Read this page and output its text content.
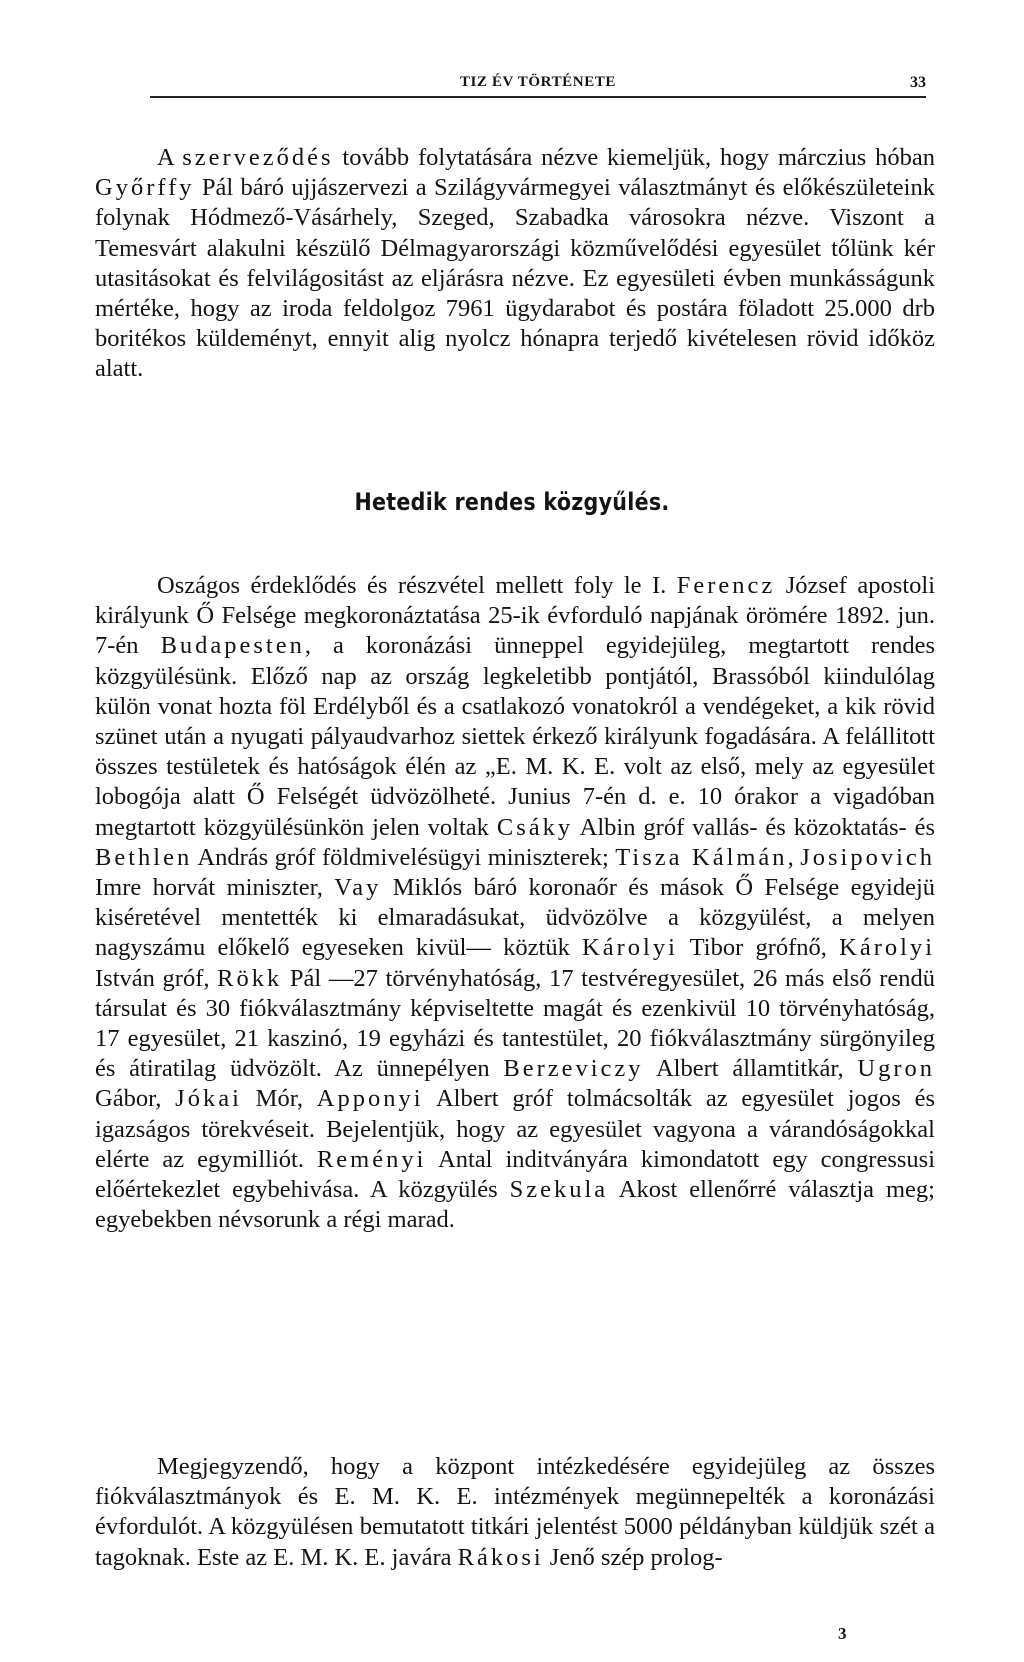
TIZ ÉV TÖRTÉNETE	33

A szerveződés tovább folytatására nézve kiemeljük, hogy márczius hóban Győrffy Pál báró ujjászervezi a Szilágyvármegyei választmányt és előkészületeink folynak Hódmező-Vásárhely, Szeged, Szabadka városokra nézve. Viszont a Temesvárt alakulni készülő Délmagyarországi közművelődési egyesület tőlünk kér utasitásokat és felvilágositást az eljárásra nézve. Ez egyesületi évben munkásságunk mértéke, hogy az iroda feldolgoz 7961 ügydarabot és postára föladott 25.000 drb boritékos küldeményt, ennyit alig nyolcz hónapra terjedő kivételesen rövid időköz alatt.

Hetedik rendes közgyűlés.

Oszágos érdeklődés és részvétel mellett foly le I. Ferencz József apostoli királyunk Ő Felsége megkoronáztatása 25-ik évforduló napjának örömére 1892. jun. 7-én Budapesten, a koronázási ünneppel egyidejüleg, megtartott rendes közgyülésünk. Előző nap az ország legkeletibb pontjától, Brassóból kiindulólag külön vonat hozta föl Erdélyből és a csatlakozó vonatokról a vendégeket, a kik rövid szünet után a nyugati pályaudvarhoz siettek érkező királyunk fogadására. A felállitott összes testületek és hatóságok élén az „E. M. K. E. volt az első, mely az egyesület lobogója alatt Ő Felségét üdvözölheté. Junius 7-én d. e. 10 órakor a vigadóban megtartott közgyülésünkön jelen voltak Csáky Albin gróf vallás- és közoktatás- és Bethlen András gróf földmivelésügyi miniszterek; Tisza Kálmán, Josipovich Imre horvát miniszter, Vay Miklós báró koronaőr és mások Ő Felsége egyidejü kiséretével mentették ki elmaradásukat, üdvözölve a közgyülést, a melyen nagyszámu előkelő egyeseken kivül— köztük Károlyi Tibor grófnő, Károlyi István gróf, Rökk Pál —27 törvényhatóság, 17 testvéregyesület, 26 más első rendü társulat és 30 fiókválasztmány képviseltette magát és ezenkivül 10 törvényhatóság, 17 egyesület, 21 kaszinó, 19 egyházi és tantestület, 20 fiókválasztmány sürgönyileg és átiratilag üdvözölt. Az ünnepélyen Berzeviczy Albert államtitkár, Ugron Gábor, Jókai Mór, Apponyi Albert gróf tolmácsolták az egyesület jogos és igazságos törekvéseit. Bejelentjük, hogy az egyesület vagyona a várandóságokkal elérte az egymilliót. Reményi Antal inditványára kimondatott egy congressusi előértekezlet egybehivása. A közgyülés Szekula Akost ellenőrré választja meg; egyebekben névsorunk a régi marad.

Megjegyzendő, hogy a központ intézkedésére egyidejüleg az összes fiókválasztmányok és E. M. K. E. intézmények megünnepelték a koronázási évfordulót. A közgyülésen bemutatott titkári jelentést 5000 példányban küldjük szét a tagoknak. Este az E. M. K. E. javára Rákosi Jenő szép prolog-

3
